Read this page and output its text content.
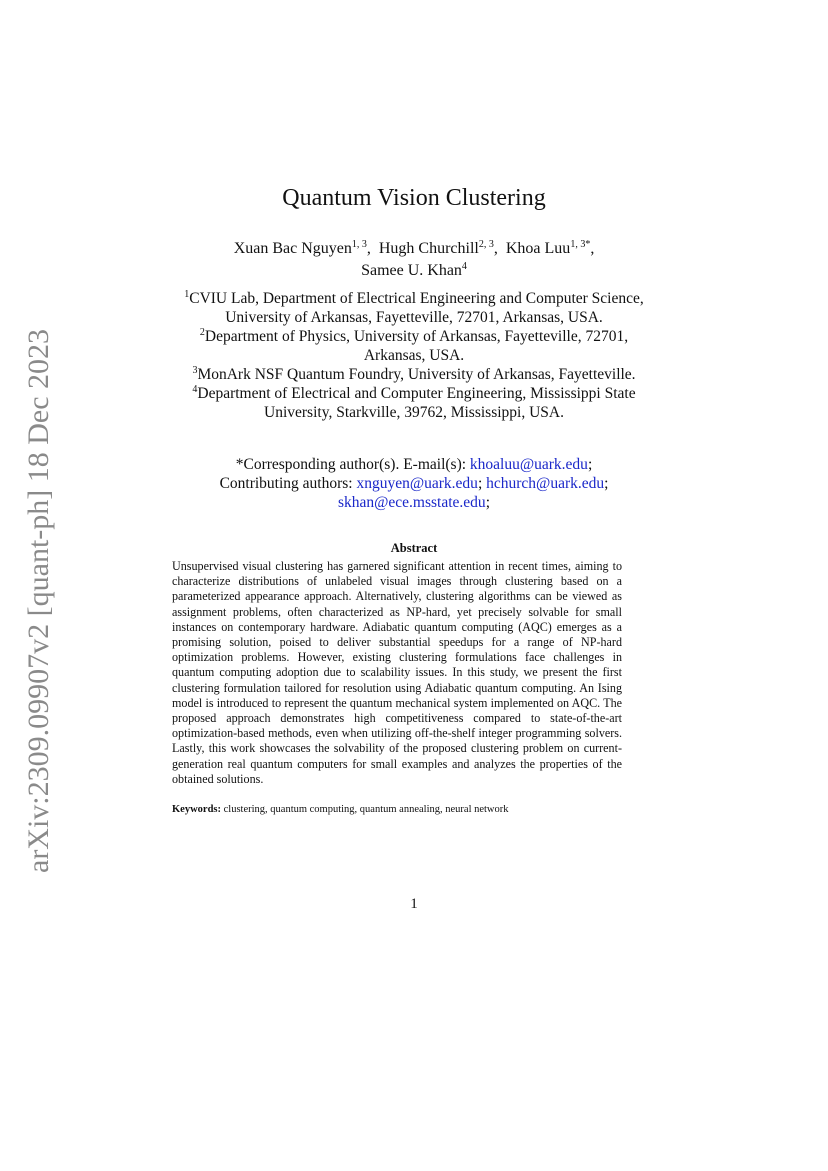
arXiv:2309.09907v2 [quant-ph] 18 Dec 2023
Quantum Vision Clustering
Xuan Bac Nguyen$^{1, 3}$,  Hugh Churchill$^{2, 3}$,  Khoa Luu$^{1, 3*}$,
Samee U. Khan$^4$
$^1$CVIU Lab, Department of Electrical Engineering and Computer Science,
University of Arkansas, Fayetteville, 72701, Arkansas, USA.
$^2$Department of Physics, University of Arkansas, Fayetteville, 72701,
Arkansas, USA.
$^3$MonArk NSF Quantum Foundry, University of Arkansas, Fayetteville.
$^4$Department of Electrical and Computer Engineering, Mississippi State
University, Starkville, 39762, Mississippi, USA.
*Corresponding author(s). E-mail(s): khoaluu@uark.edu;
Contributing authors: xnguyen@uark.edu; hchurch@uark.edu;
skhan@ece.msstate.edu;
Abstract
Unsupervised visual clustering has garnered significant attention in recent times, aiming to characterize distributions of unlabeled visual images through clustering based on a parameterized appearance approach. Alternatively, clustering algorithms can be viewed as assignment problems, often characterized as NP-hard, yet precisely solvable for small instances on contemporary hardware. Adiabatic quantum computing (AQC) emerges as a promising solution, poised to deliver substantial speedups for a range of NP-hard optimization problems. However, existing clustering formulations face challenges in quantum computing adoption due to scalability issues. In this study, we present the first clustering formulation tailored for resolution using Adiabatic quantum computing. An Ising model is introduced to represent the quantum mechanical system implemented on AQC. The proposed approach demonstrates high competitiveness compared to state-of-the-art optimization-based methods, even when utilizing off-the-shelf integer programming solvers. Lastly, this work showcases the solvability of the proposed clustering problem on current-generation real quantum computers for small examples and analyzes the properties of the obtained solutions.
Keywords: clustering, quantum computing, quantum annealing, neural network
1
